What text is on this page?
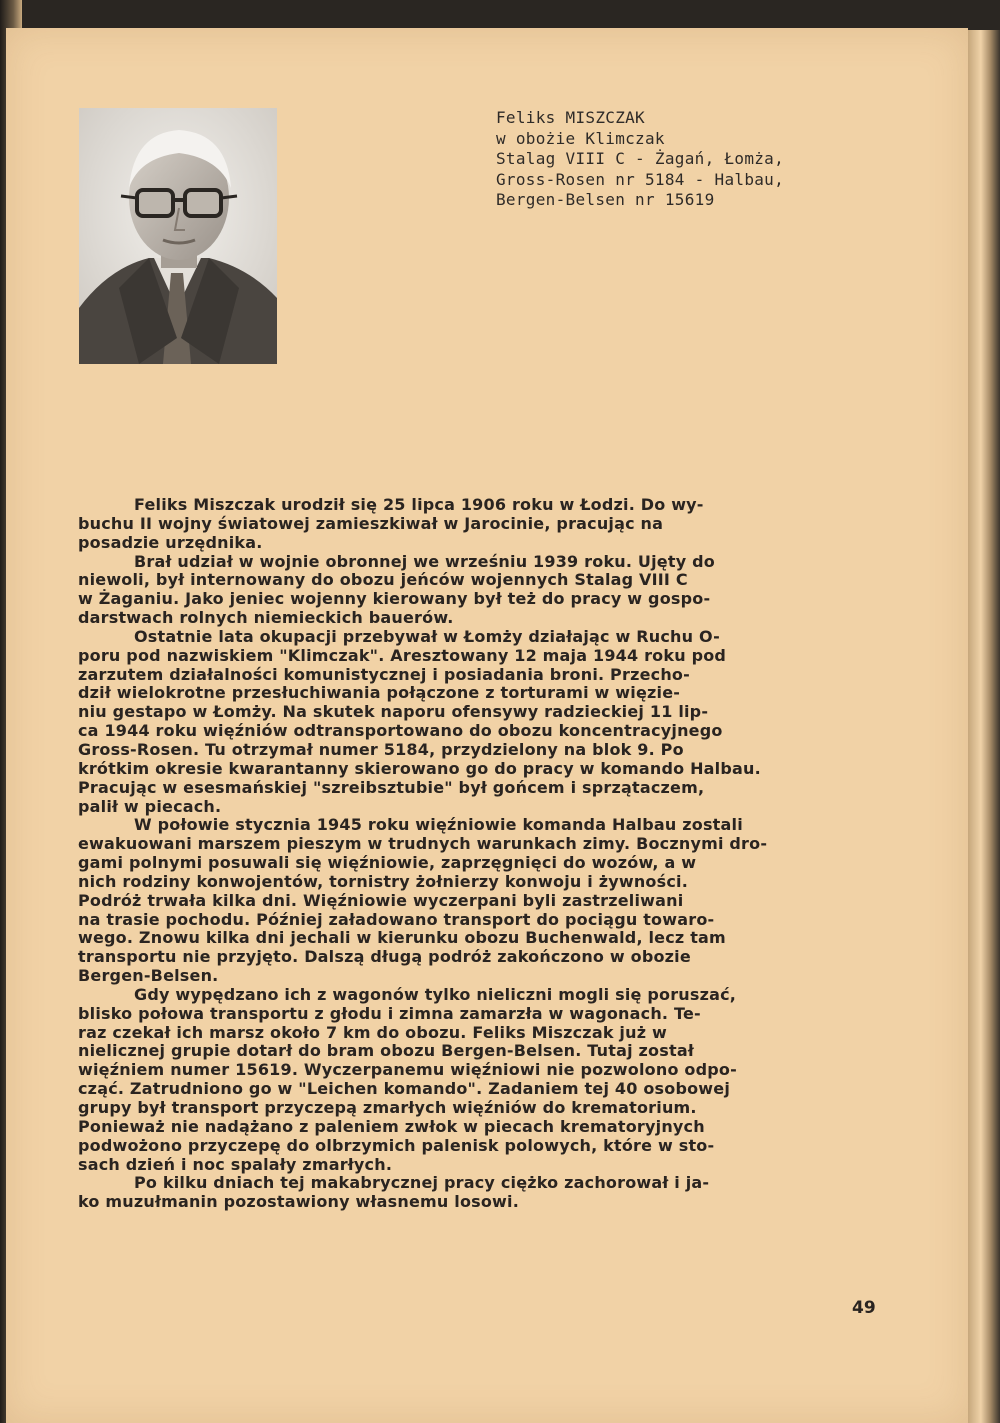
Feliks MISZCZAK
w obożie Klimczak
Stalag VIII C - Żagań, Łomża,
Gross-Rosen nr 5184 - Halbau,
Bergen-Belsen nr 15619
Feliks Miszczak urodził się 25 lipca 1906 roku w Łodzi. Do wy-
buchu II wojny światowej zamieszkiwał w Jarocinie, pracując na
posadzie urzędnika.
Brał udział w wojnie obronnej we wrześniu 1939 roku. Ujęty do
niewoli, był internowany do obozu jeńców wojennych Stalag VIII C
w Żaganiu. Jako jeniec wojenny kierowany był też do pracy w gospo-
darstwach rolnych niemieckich bauerów.
Ostatnie lata okupacji przebywał w Łomży działając w Ruchu O-
poru pod nazwiskiem "Klimczak". Aresztowany 12 maja 1944 roku pod
zarzutem działalności komunistycznej i posiadania broni. Przecho-
dził wielokrotne przesłuchiwania połączone z torturami w więzie-
niu gestapo w Łomży. Na skutek naporu ofensywy radzieckiej 11 lip-
ca 1944 roku więźniów odtransportowano do obozu koncentracyjnego
Gross-Rosen. Tu otrzymał numer 5184, przydzielony na blok 9. Po
krótkim okresie kwarantanny skierowano go do pracy w komando Halbau.
Pracując w esesmańskiej "szreibsztubie" był gońcem i sprzątaczem,
palił w piecach.
W połowie stycznia 1945 roku więźniowie komanda Halbau zostali
ewakuowani marszem pieszym w trudnych warunkach zimy. Bocznymi dro-
gami polnymi posuwali się więźniowie, zaprzęgnięci do wozów, a w
nich rodziny konwojentów, tornistry żołnierzy konwoju i żywności.
Podróż trwała kilka dni. Więźniowie wyczerpani byli zastrzeliwani
na trasie pochodu. Później załadowano transport do pociągu towaro-
wego. Znowu kilka dni jechali w kierunku obozu Buchenwald, lecz tam
transportu nie przyjęto. Dalszą długą podróż zakończono w obozie
Bergen-Belsen.
Gdy wypędzano ich z wagonów tylko nieliczni mogli się poruszać,
blisko połowa transportu z głodu i zimna zamarzła w wagonach. Te-
raz czekał ich marsz około 7 km do obozu. Feliks Miszczak już w
nielicznej grupie dotarł do bram obozu Bergen-Belsen. Tutaj został
więźniem numer 15619. Wyczerpanemu więźniowi nie pozwolono odpo-
cząć. Zatrudniono go w "Leichen komando". Zadaniem tej 40 osobowej
grupy był transport przyczepą zmarłych więźniów do krematorium.
Ponieważ nie nadążano z paleniem zwłok w piecach krematoryjnych
podwożono przyczepę do olbrzymich palenisk polowych, które w sto-
sach dzień i noc spalały zmarłych.
Po kilku dniach tej makabrycznej pracy ciężko zachorował i ja-
ko muzułmanin pozostawiony własnemu losowi.
49
